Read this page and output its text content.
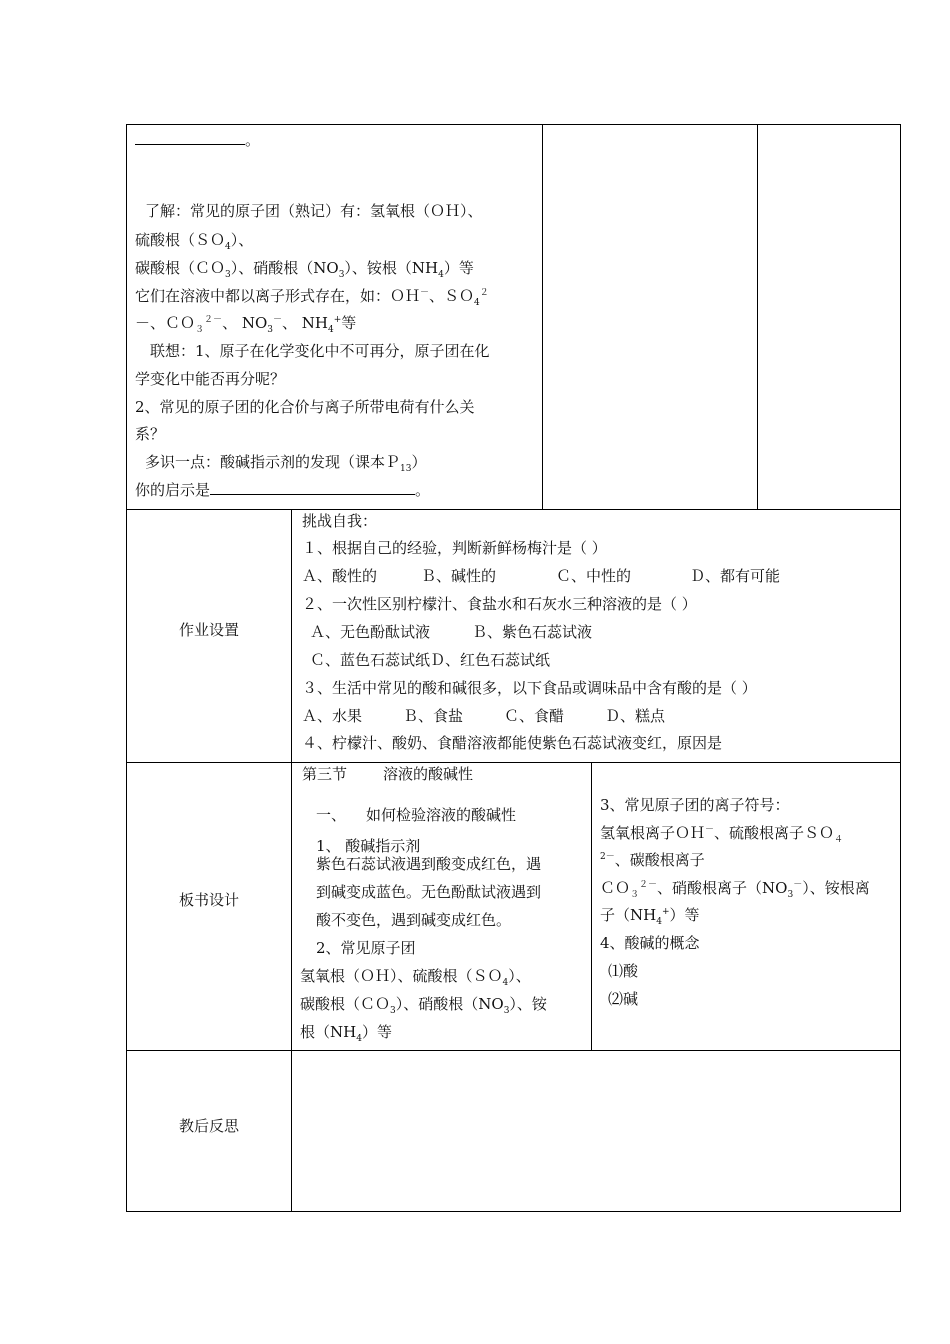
。
了解：常见的原子团（熟记）有：氢氧根（ＯＨ）、
硫酸根（ＳＯ$_4$）、
碳酸根（ＣＯ$_3$）、硝酸根$(NO_3)$、铵根$(NH_4)$等
它们在溶液中都以离子形式存在，如：ＯＨ－、ＳＯ$_4^2$
－、ＣＯ$_3^{2-}$、 $NO_3^-$、 $NH_4^+$等
联想：1、原子在化学变化中不可再分，原子团在化
学变化中能否再分呢？
2、常见的原子团的化合价与离子所带电荷有什么关
系？
多识一点：酸碱指示剂的发现（课本Ｐ$_{13}$）
你的启示是	。
作业设置
挑战自我：
１、根据自己的经验，判断新鲜杨梅汁是（ ）
Ａ、酸性的	Ｂ、碱性的	Ｃ、中性的	Ｄ、都有可能
２、一次性区别柠檬汁、食盐水和石灰水三种溶液的是（ ）
Ａ、无色酚酞试液	Ｂ、紫色石蕊试液
Ｃ、蓝色石蕊试纸Ｄ、红色石蕊试纸
３、生活中常见的酸和碱很多，以下食品或调味品中含有酸的是（ ）
Ａ、水果	Ｂ、食盐	Ｃ、食醋	Ｄ、糕点
４、柠檬汁、酸奶、食醋溶液都能使紫色石蕊试液变红，原因是
板书设计
第三节 溶液的酸碱性
一、 如何检验溶液的酸碱性
1、 酸碱指示剂
紫色石蕊试液遇到酸变成红色，遇
到碱变成蓝色。无色酚酞试液遇到
酸不变色，遇到碱变成红色。
2、常见原子团
氢氧根（ＯＨ）、硫酸根（ＳＯ$_4$）、
碳酸根（ＣＯ$_3$）、硝酸根$(NO_3)$、铵
根$(NH_4)$等
3、常见原子团的离子符号：
氢氧根离子ＯＨ－、硫酸根离子ＳＯ$_4$
$^{2-}$、碳酸根离子
ＣＯ$_3^{2-}$、硝酸根离子$(NO_3^-)$、铵根离
子$(NH_4^+)$等
4、酸碱的概念
⑴酸
⑵碱
教后反思
